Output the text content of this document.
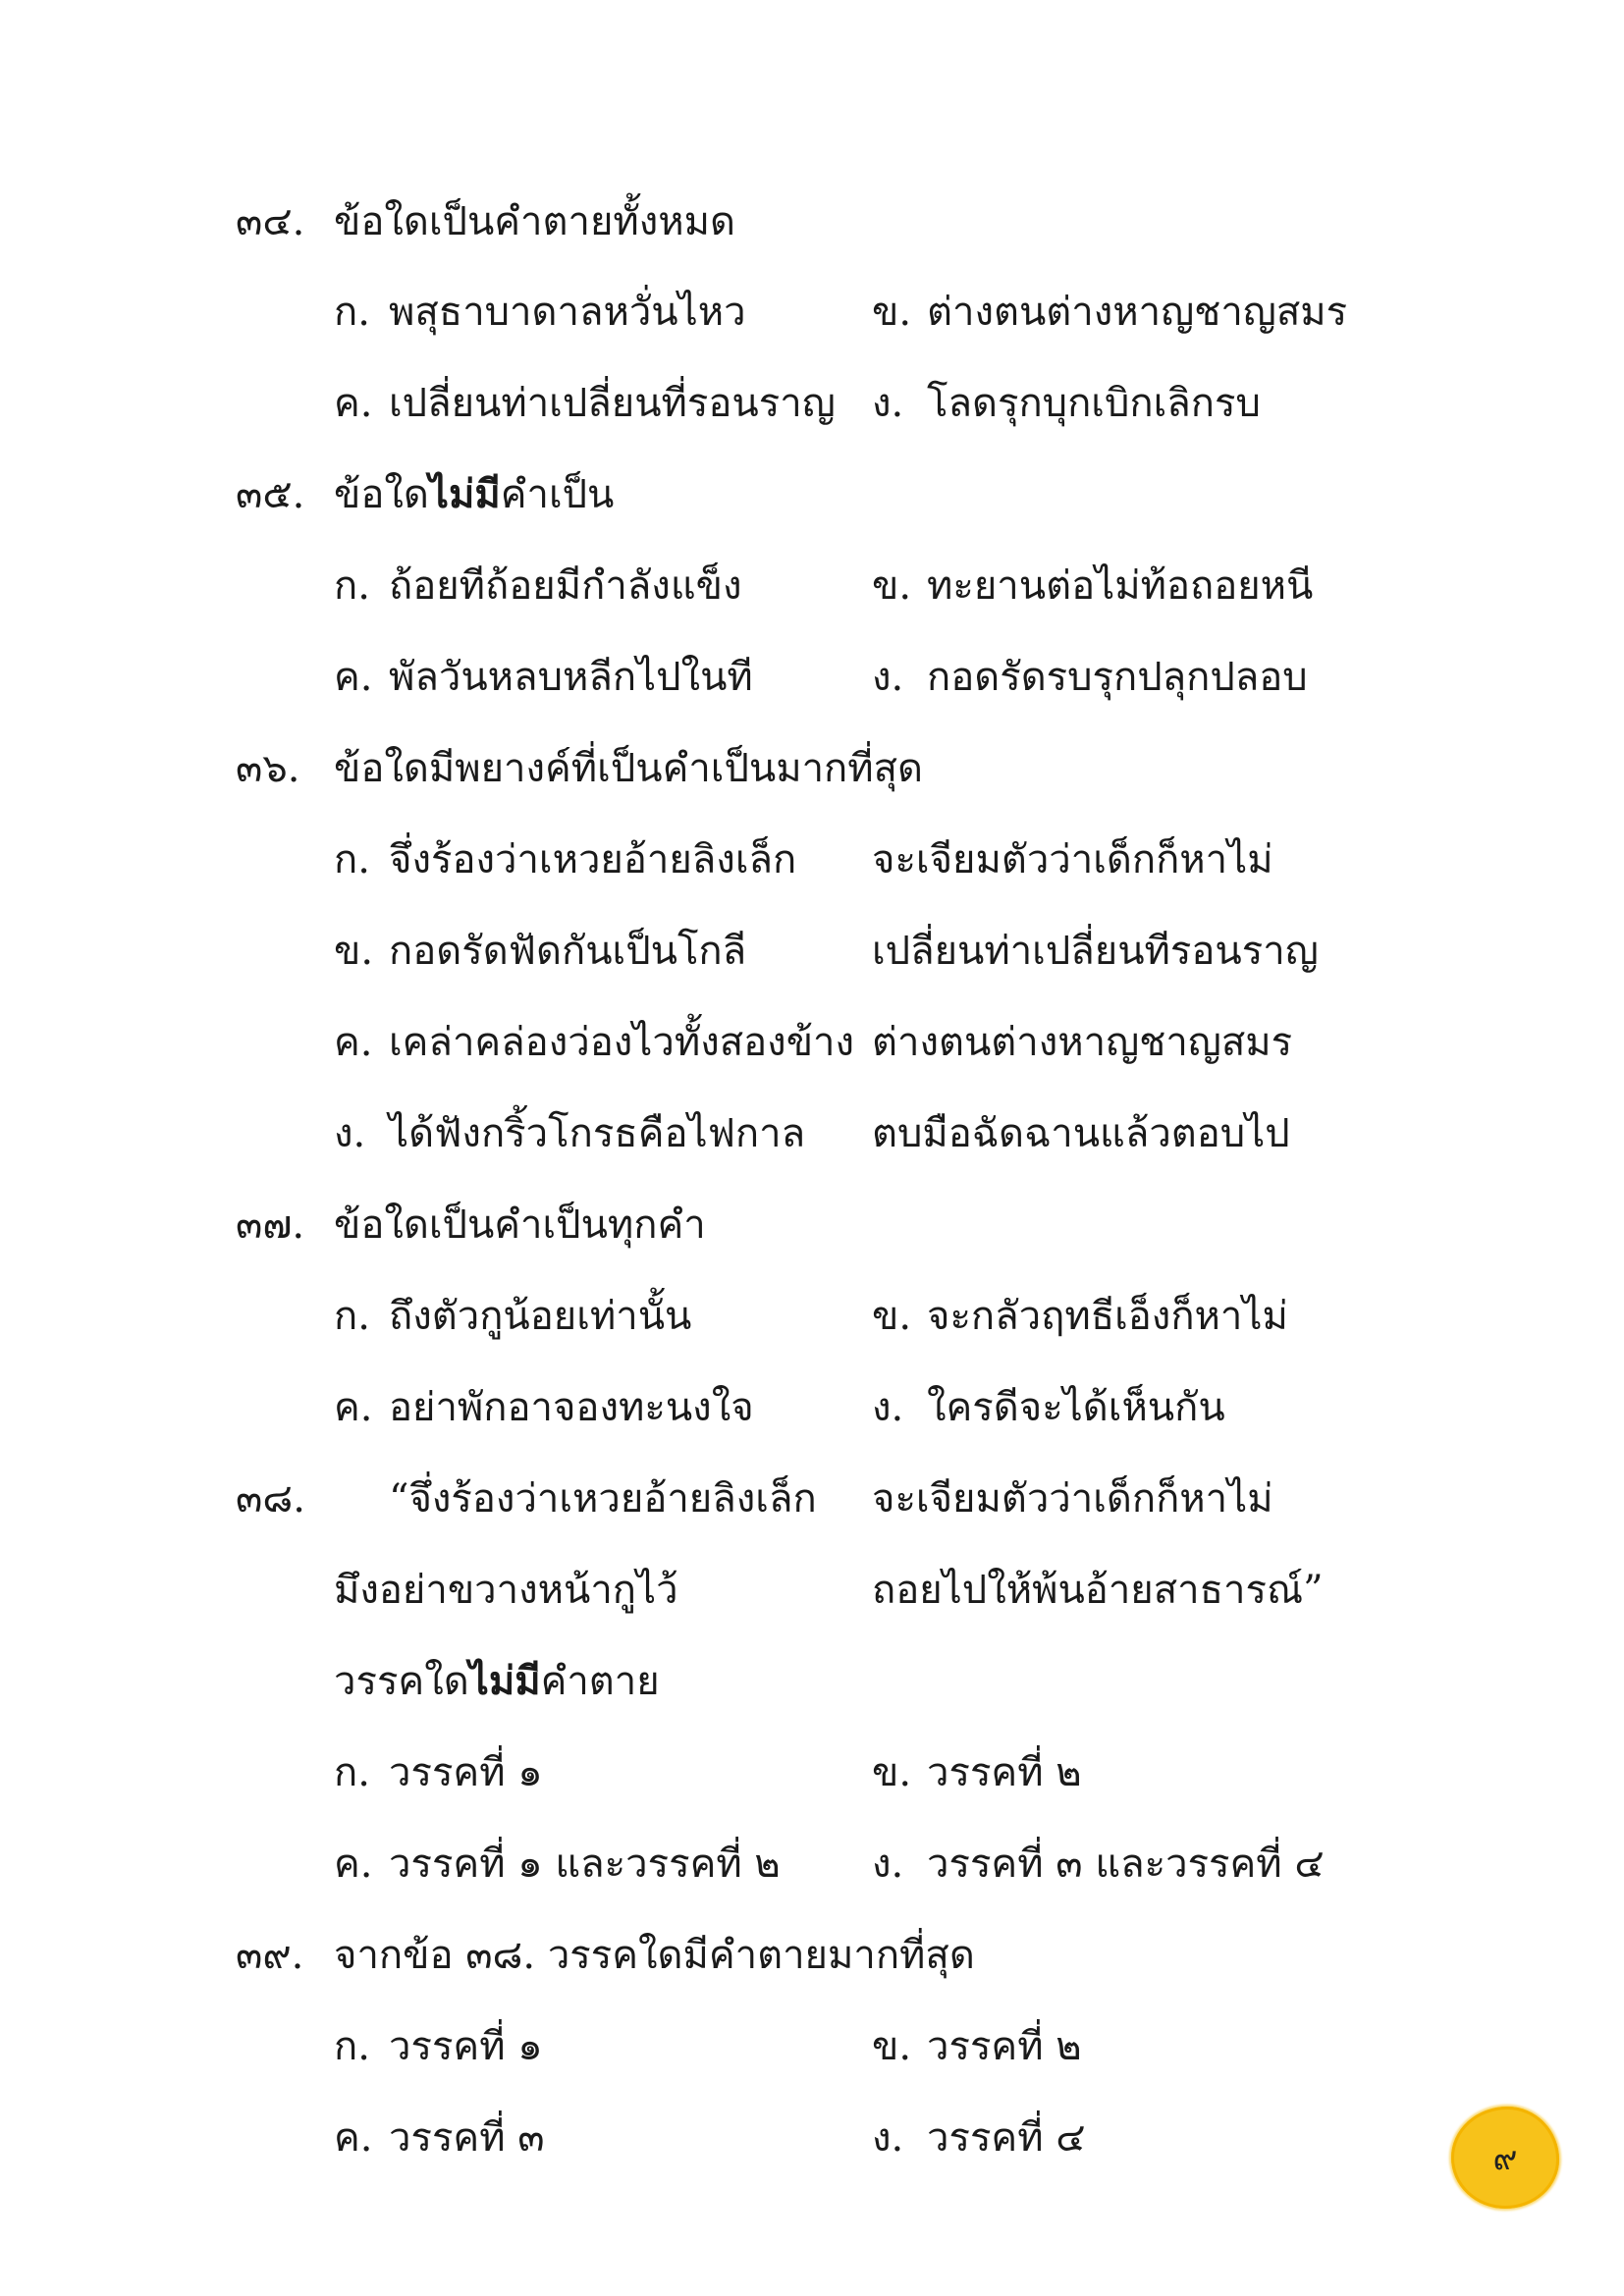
๓๔. ข้อใดเป็นคำตายทั้งหมด
ก. พสุธาบาดาลหวั่นไหว	ข. ต่างตนต่างหาญชาญสมร
ค. เปลี่ยนท่าเปลี่ยนที่รอนราญ ง. โลดรุกบุกเบิกเลิกรบ
๓๕. ข้อใดไม่มีคำเป็น
ก. ถ้อยทีถ้อยมีกำลังแข็ง	ข. ทะยานต่อไม่ท้อถอยหนี
ค. พัลวันหลบหลีกไปในที	ง. กอดรัดรบรุกปลุกปลอบ
๓๖. ข้อใดมีพยางค์ที่เป็นคำเป็นมากที่สุด
ก. จึ่งร้องว่าเหวยอ้ายลิงเล็ก จะเจียมตัวว่าเด็กก็หาไม่
ข. กอดรัดฟัดกันเป็นโกลี	เปลี่ยนท่าเปลี่ยนทีรอนราญ
ค. เคล่าคล่องว่องไวทั้งสองข้าง ต่างตนต่างหาญชาญสมร
ง. ได้ฟังกริ้วโกรธคือไฟกาล ตบมือฉัดฉานแล้วตอบไป
๓๗. ข้อใดเป็นคำเป็นทุกคำ
ก. ถึงตัวกูน้อยเท่านั้น	ข. จะกลัวฤทธีเอ็งก็หาไม่
ค. อย่าพักอาจองทะนงใจ	ง. ใครดีจะได้เห็นกัน
๓๘.	“จึ่งร้องว่าเหวยอ้ายลิงเล็ก จะเจียมตัวว่าเด็กก็หาไม่
มึงอย่าขวางหน้ากูไว้	ถอยไปให้พ้นอ้ายสาธารณ์”
วรรคใดไม่มีคำตาย
ก. วรรคที่ ๑	ข. วรรคที่ ๒
ค. วรรคที่ ๑ และวรรคที่ ๒ ง. วรรคที่ ๓ และวรรคที่ ๔
๓๙. จากข้อ ๓๘. วรรคใดมีคำตายมากที่สุด
ก. วรรคที่ ๑	ข. วรรคที่ ๒
ค. วรรคที่ ๓	ง. วรรคที่ ๔	๙
